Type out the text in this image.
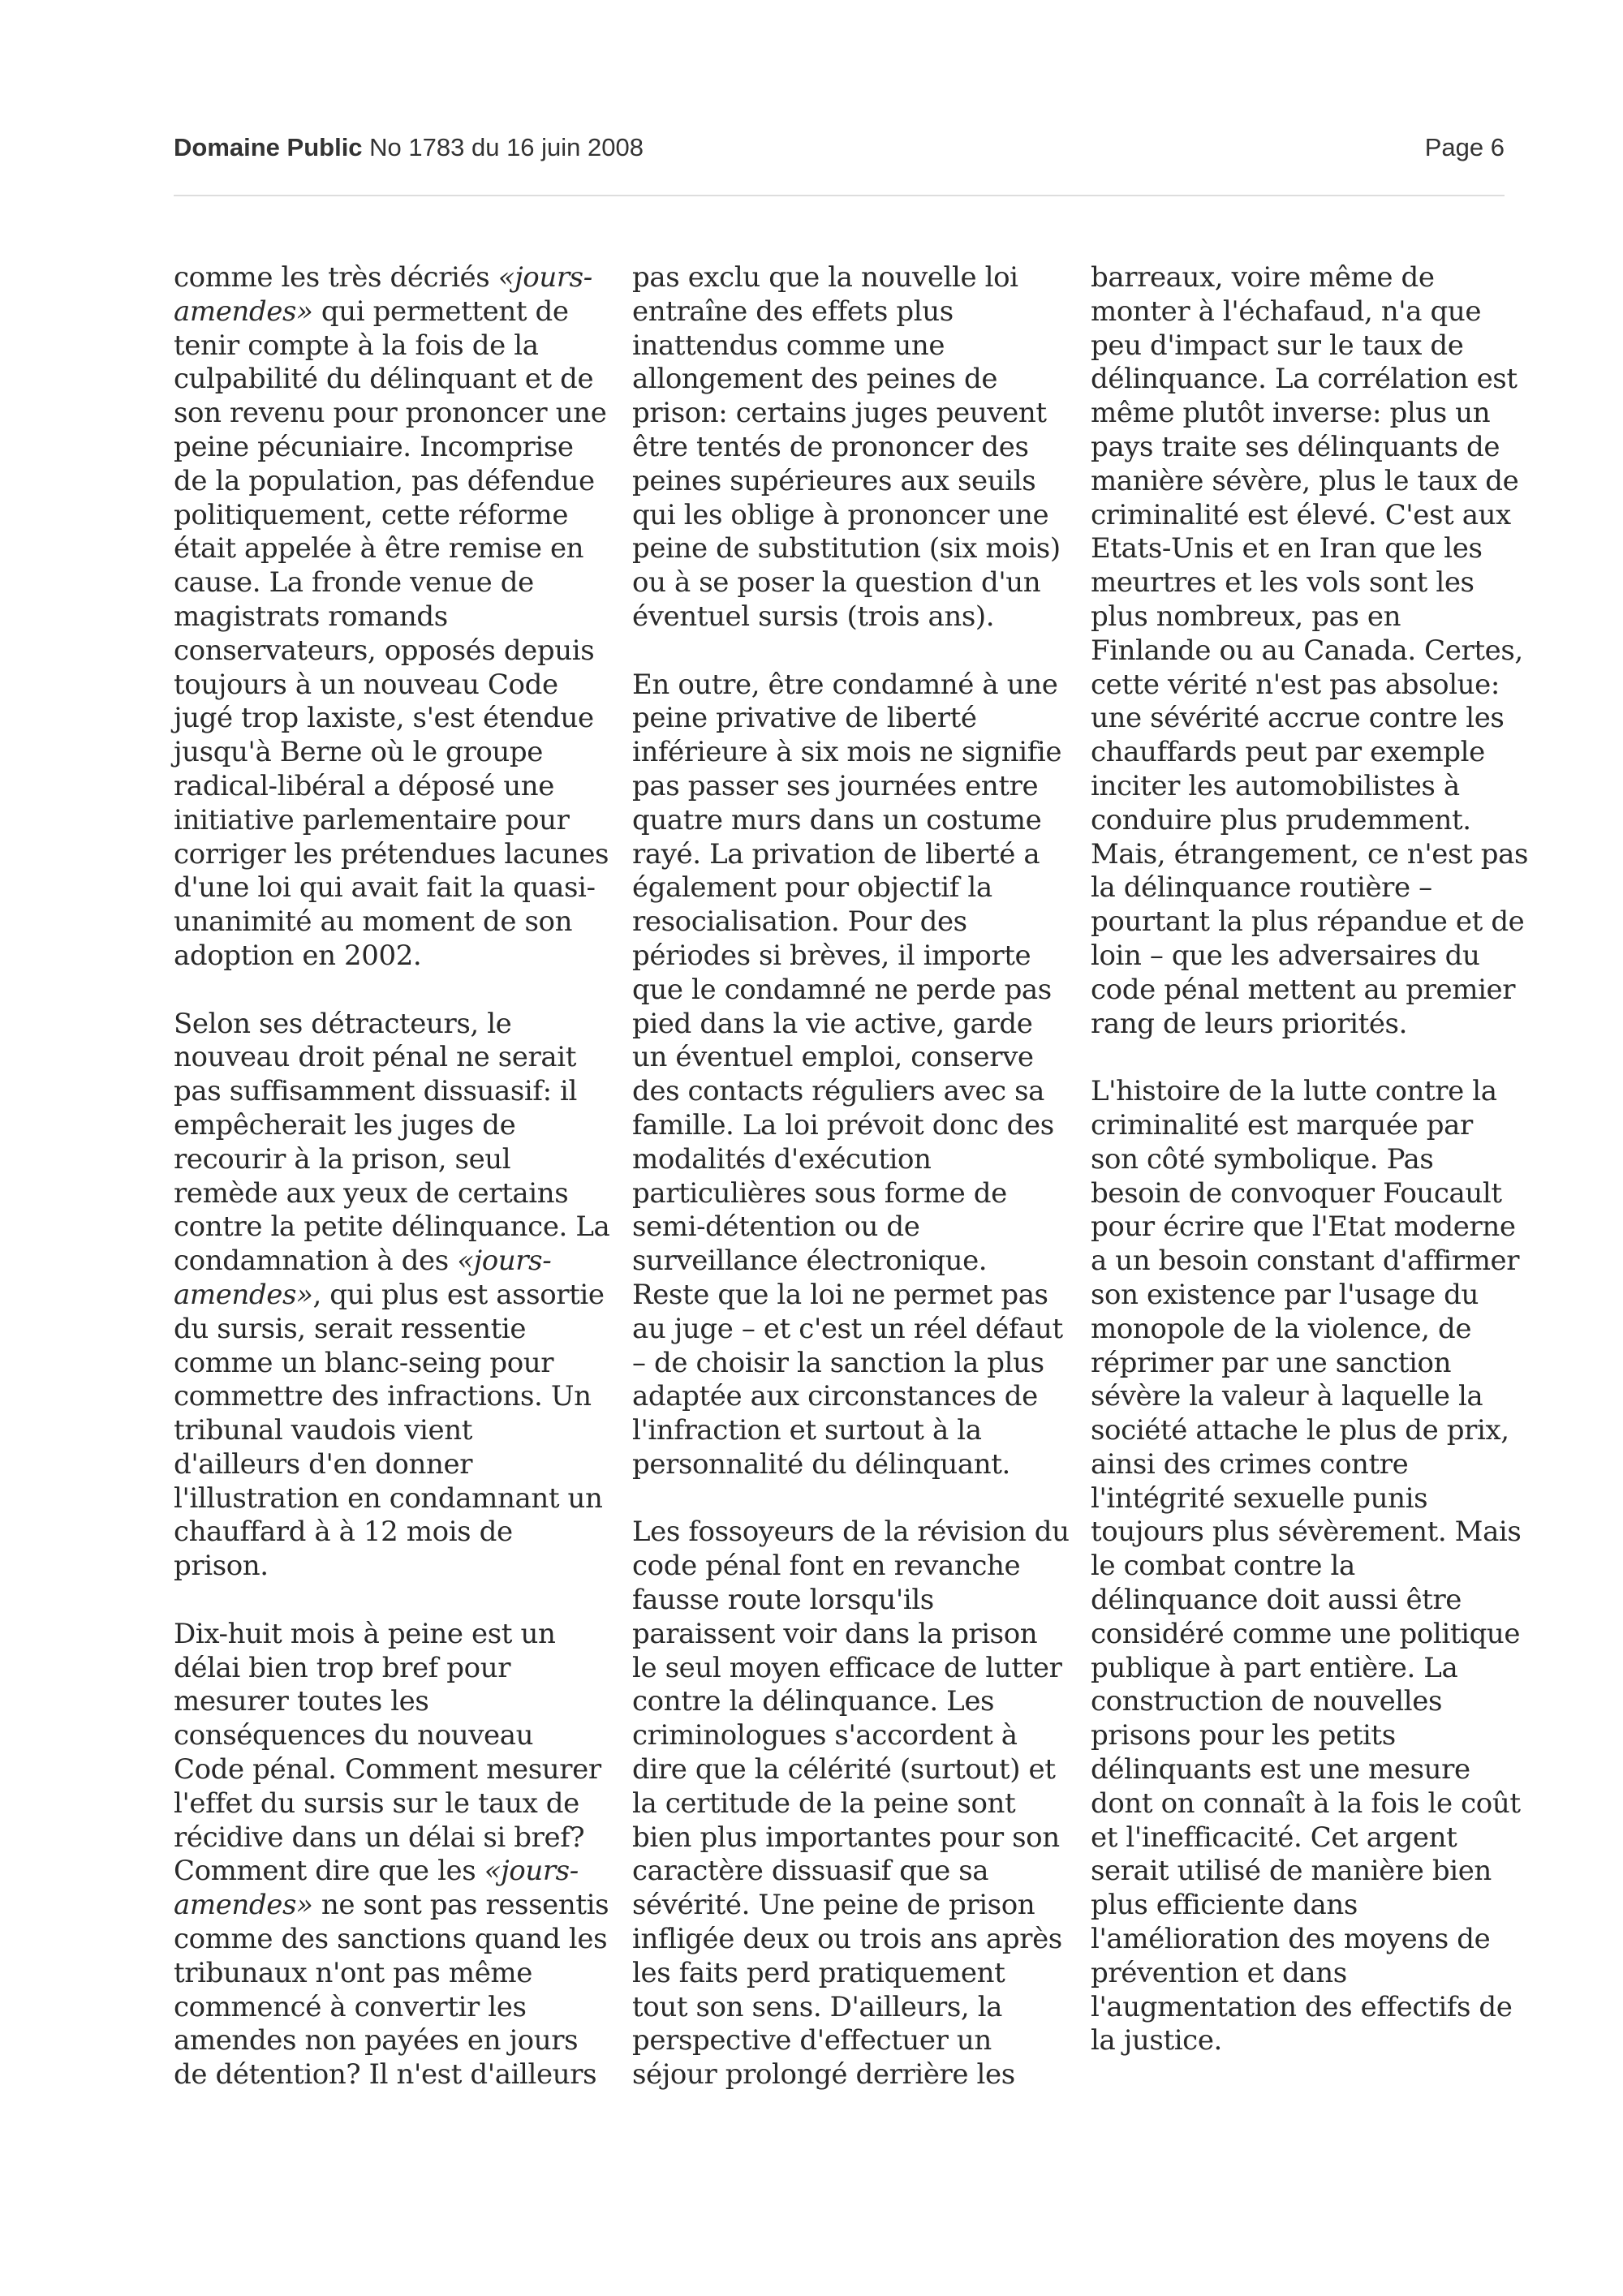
Domaine Public No 1783 du 16 juin 2008	Page 6

comme les très décriés «jours-
amendes» qui permettent de
tenir compte à la fois de la
culpabilité du délinquant et de
son revenu pour prononcer une
peine pécuniaire. Incomprise
de la population, pas défendue
politiquement, cette réforme
était appelée à être remise en
cause. La fronde venue de
magistrats romands
conservateurs, opposés depuis
toujours à un nouveau Code
jugé trop laxiste, s'est étendue
jusqu'à Berne où le groupe
radical-libéral a déposé une
initiative parlementaire pour
corriger les prétendues lacunes
d'une loi qui avait fait la quasi-
unanimité au moment de son
adoption en 2002.

Selon ses détracteurs, le
nouveau droit pénal ne serait
pas suffisamment dissuasif: il
empêcherait les juges de
recourir à la prison, seul
remède aux yeux de certains
contre la petite délinquance. La
condamnation à des «jours-
amendes», qui plus est assortie
du sursis, serait ressentie
comme un blanc-seing pour
commettre des infractions. Un
tribunal vaudois vient
d'ailleurs d'en donner
l'illustration en condamnant un
chauffard à à 12 mois de
prison.

Dix-huit mois à peine est un
délai bien trop bref pour
mesurer toutes les
conséquences du nouveau
Code pénal. Comment mesurer
l'effet du sursis sur le taux de
récidive dans un délai si bref?
Comment dire que les «jours-
amendes» ne sont pas ressentis
comme des sanctions quand les
tribunaux n'ont pas même
commencé à convertir les
amendes non payées en jours
de détention? Il n'est d'ailleurs

pas exclu que la nouvelle loi
entraîne des effets plus
inattendus comme une
allongement des peines de
prison: certains juges peuvent
être tentés de prononcer des
peines supérieures aux seuils
qui les oblige à prononcer une
peine de substitution (six mois)
ou à se poser la question d'un
éventuel sursis (trois ans).

En outre, être condamné à une
peine privative de liberté
inférieure à six mois ne signifie
pas passer ses journées entre
quatre murs dans un costume
rayé. La privation de liberté a
également pour objectif la
resocialisation. Pour des
périodes si brèves, il importe
que le condamné ne perde pas
pied dans la vie active, garde
un éventuel emploi, conserve
des contacts réguliers avec sa
famille. La loi prévoit donc des
modalités d'exécution
particulières sous forme de
semi-détention ou de
surveillance électronique.
Reste que la loi ne permet pas
au juge – et c'est un réel défaut
– de choisir la sanction la plus
adaptée aux circonstances de
l'infraction et surtout à la
personnalité du délinquant.

Les fossoyeurs de la révision du
code pénal font en revanche
fausse route lorsqu'ils
paraissent voir dans la prison
le seul moyen efficace de lutter
contre la délinquance. Les
criminologues s'accordent à
dire que la célérité (surtout) et
la certitude de la peine sont
bien plus importantes pour son
caractère dissuasif que sa
sévérité. Une peine de prison
infligée deux ou trois ans après
les faits perd pratiquement
tout son sens. D'ailleurs, la
perspective d'effectuer un
séjour prolongé derrière les

barreaux, voire même de
monter à l'échafaud, n'a que
peu d'impact sur le taux de
délinquance. La corrélation est
même plutôt inverse: plus un
pays traite ses délinquants de
manière sévère, plus le taux de
criminalité est élevé. C'est aux
Etats-Unis et en Iran que les
meurtres et les vols sont les
plus nombreux, pas en
Finlande ou au Canada. Certes,
cette vérité n'est pas absolue:
une sévérité accrue contre les
chauffards peut par exemple
inciter les automobilistes à
conduire plus prudemment.
Mais, étrangement, ce n'est pas
la délinquance routière –
pourtant la plus répandue et de
loin – que les adversaires du
code pénal mettent au premier
rang de leurs priorités.

L'histoire de la lutte contre la
criminalité est marquée par
son côté symbolique. Pas
besoin de convoquer Foucault
pour écrire que l'Etat moderne
a un besoin constant d'affirmer
son existence par l'usage du
monopole de la violence, de
réprimer par une sanction
sévère la valeur à laquelle la
société attache le plus de prix,
ainsi des crimes contre
l'intégrité sexuelle punis
toujours plus sévèrement. Mais
le combat contre la
délinquance doit aussi être
considéré comme une politique
publique à part entière. La
construction de nouvelles
prisons pour les petits
délinquants est une mesure
dont on connaît à la fois le coût
et l'inefficacité. Cet argent
serait utilisé de manière bien
plus efficiente dans
l'amélioration des moyens de
prévention et dans
l'augmentation des effectifs de
la justice.
